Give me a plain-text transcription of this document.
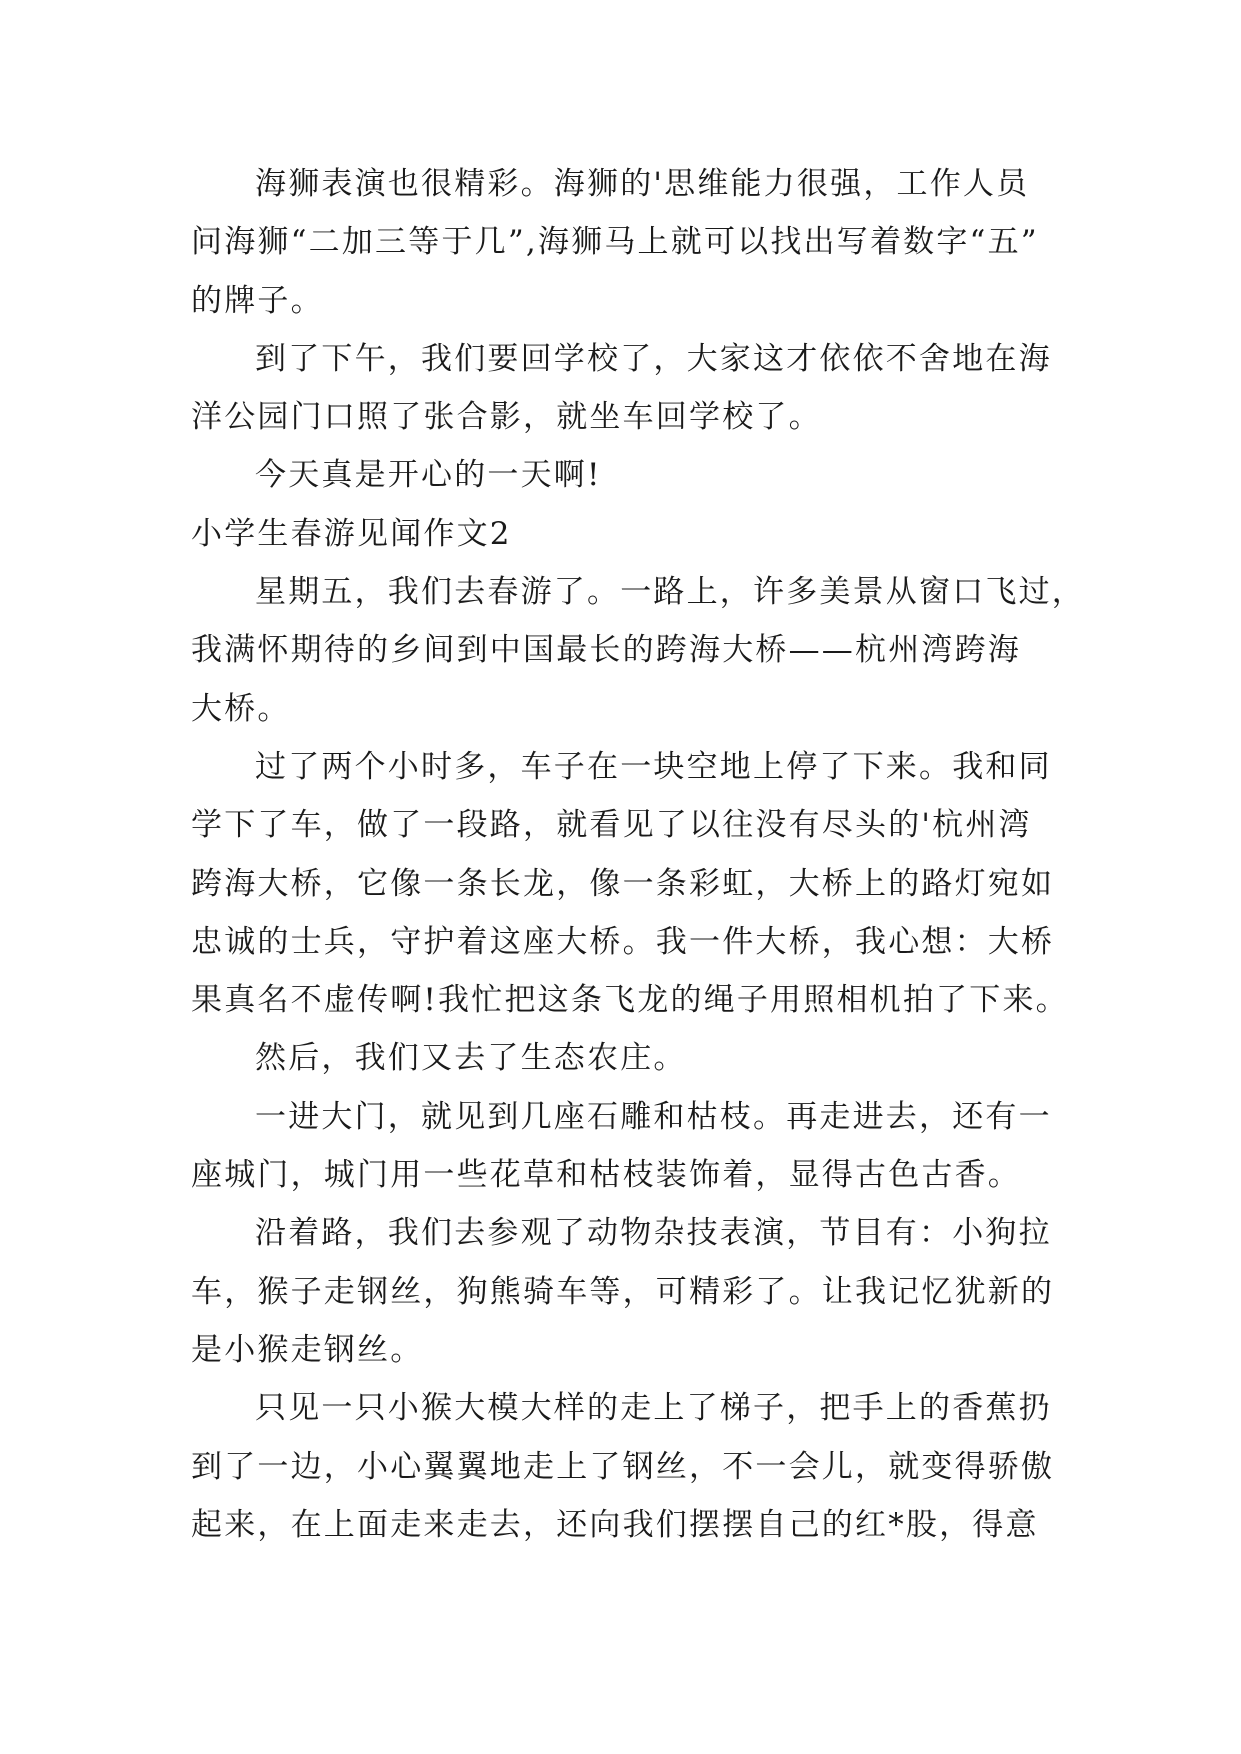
海狮表演也很精彩。海狮的'思维能力很强，工作人员
问海狮“二加三等于几”,海狮马上就可以找出写着数字“五”
的牌子。
到了下午，我们要回学校了，大家这才依依不舍地在海
洋公园门口照了张合影，就坐车回学校了。
今天真是开心的一天啊!
小学生春游见闻作文2
星期五，我们去春游了。一路上，许多美景从窗口飞过，
我满怀期待的乡间到中国最长的跨海大桥——杭州湾跨海
大桥。
过了两个小时多，车子在一块空地上停了下来。我和同
学下了车，做了一段路，就看见了以往没有尽头的'杭州湾
跨海大桥，它像一条长龙，像一条彩虹，大桥上的路灯宛如
忠诚的士兵，守护着这座大桥。我一件大桥，我心想：大桥
果真名不虚传啊!我忙把这条飞龙的绳子用照相机拍了下来。
然后，我们又去了生态农庄。
一进大门，就见到几座石雕和枯枝。再走进去，还有一
座城门，城门用一些花草和枯枝装饰着，显得古色古香。
沿着路，我们去参观了动物杂技表演，节目有：小狗拉
车，猴子走钢丝，狗熊骑车等，可精彩了。让我记忆犹新的
是小猴走钢丝。
只见一只小猴大模大样的走上了梯子，把手上的香蕉扔
到了一边，小心翼翼地走上了钢丝，不一会儿，就变得骄傲
起来，在上面走来走去，还向我们摆摆自己的红*股，得意
